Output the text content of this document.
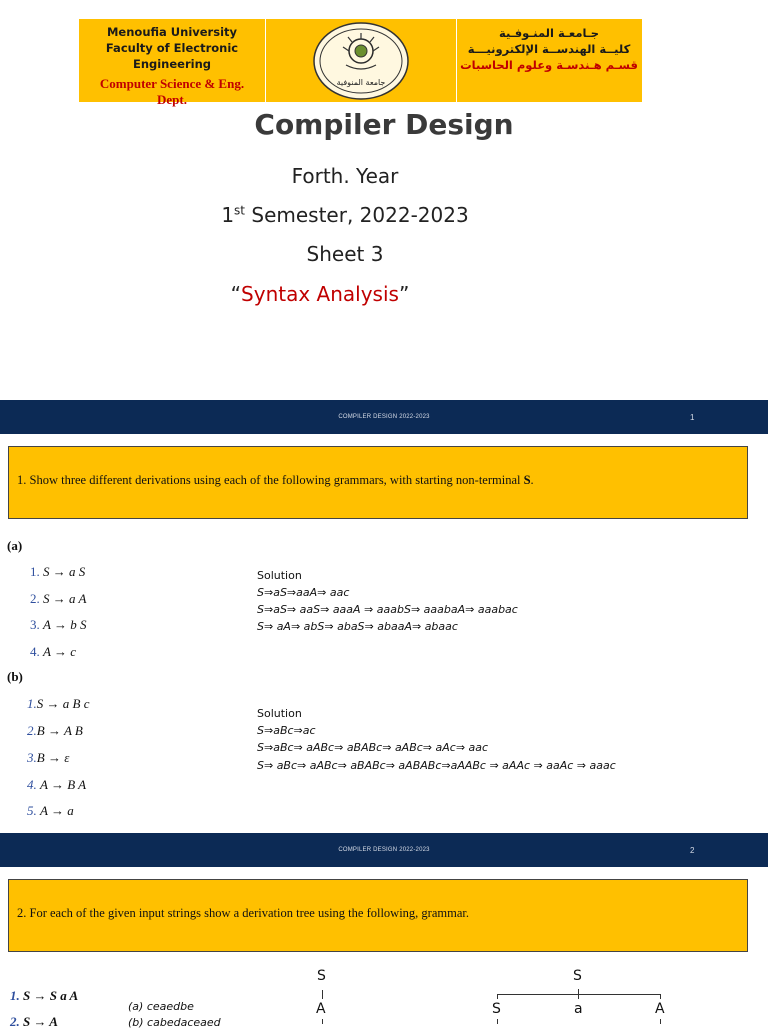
Menoufia University
Faculty of Electronic Engineering
Computer Science & Eng.
Dept.
جامعة المنوفية
جـامعـة المنـوفـية
كليــة الهندســة الإلكترونيـــة
قسـم هـندسـة وعلوم الحاسبات
Compiler Design
Forth. Year
1st Semester, 2022-2023
Sheet 3
“Syntax Analysis”
COMPILER DESIGN 2022-2023	1
1. Show three different derivations using each of the following grammars, with starting non-terminal S.
(a)
1. S → a S
2. S → a A
3. A → b S
4. A → c
Solution
S⇒aS⇒aaA⇒ aac
S⇒aS⇒ aaS⇒ aaaA ⇒ aaabS⇒ aaabaA⇒ aaabac
S⇒ aA⇒ abS⇒ abaS⇒ abaaA⇒ abaac
(b)
1.S → a B c
2.B → A B
3.B → ε
4. A → B A
5. A → a
Solution
S⇒aBc⇒ac
S⇒aBc⇒ aABc⇒ aBABc⇒ aABc⇒ aAc⇒ aac
S⇒ aBc⇒ aABc⇒ aBABc⇒ aABABc⇒aAABc ⇒ aAAc ⇒ aaAc ⇒ aaac
COMPILER DESIGN 2022-2023	2
2. For each of the given input strings show a derivation tree using the following, grammar.
1. S → S a A
2. S → A
(a) ceaedbe
(b) cabedaceaed
S
A
S
S	a	A
